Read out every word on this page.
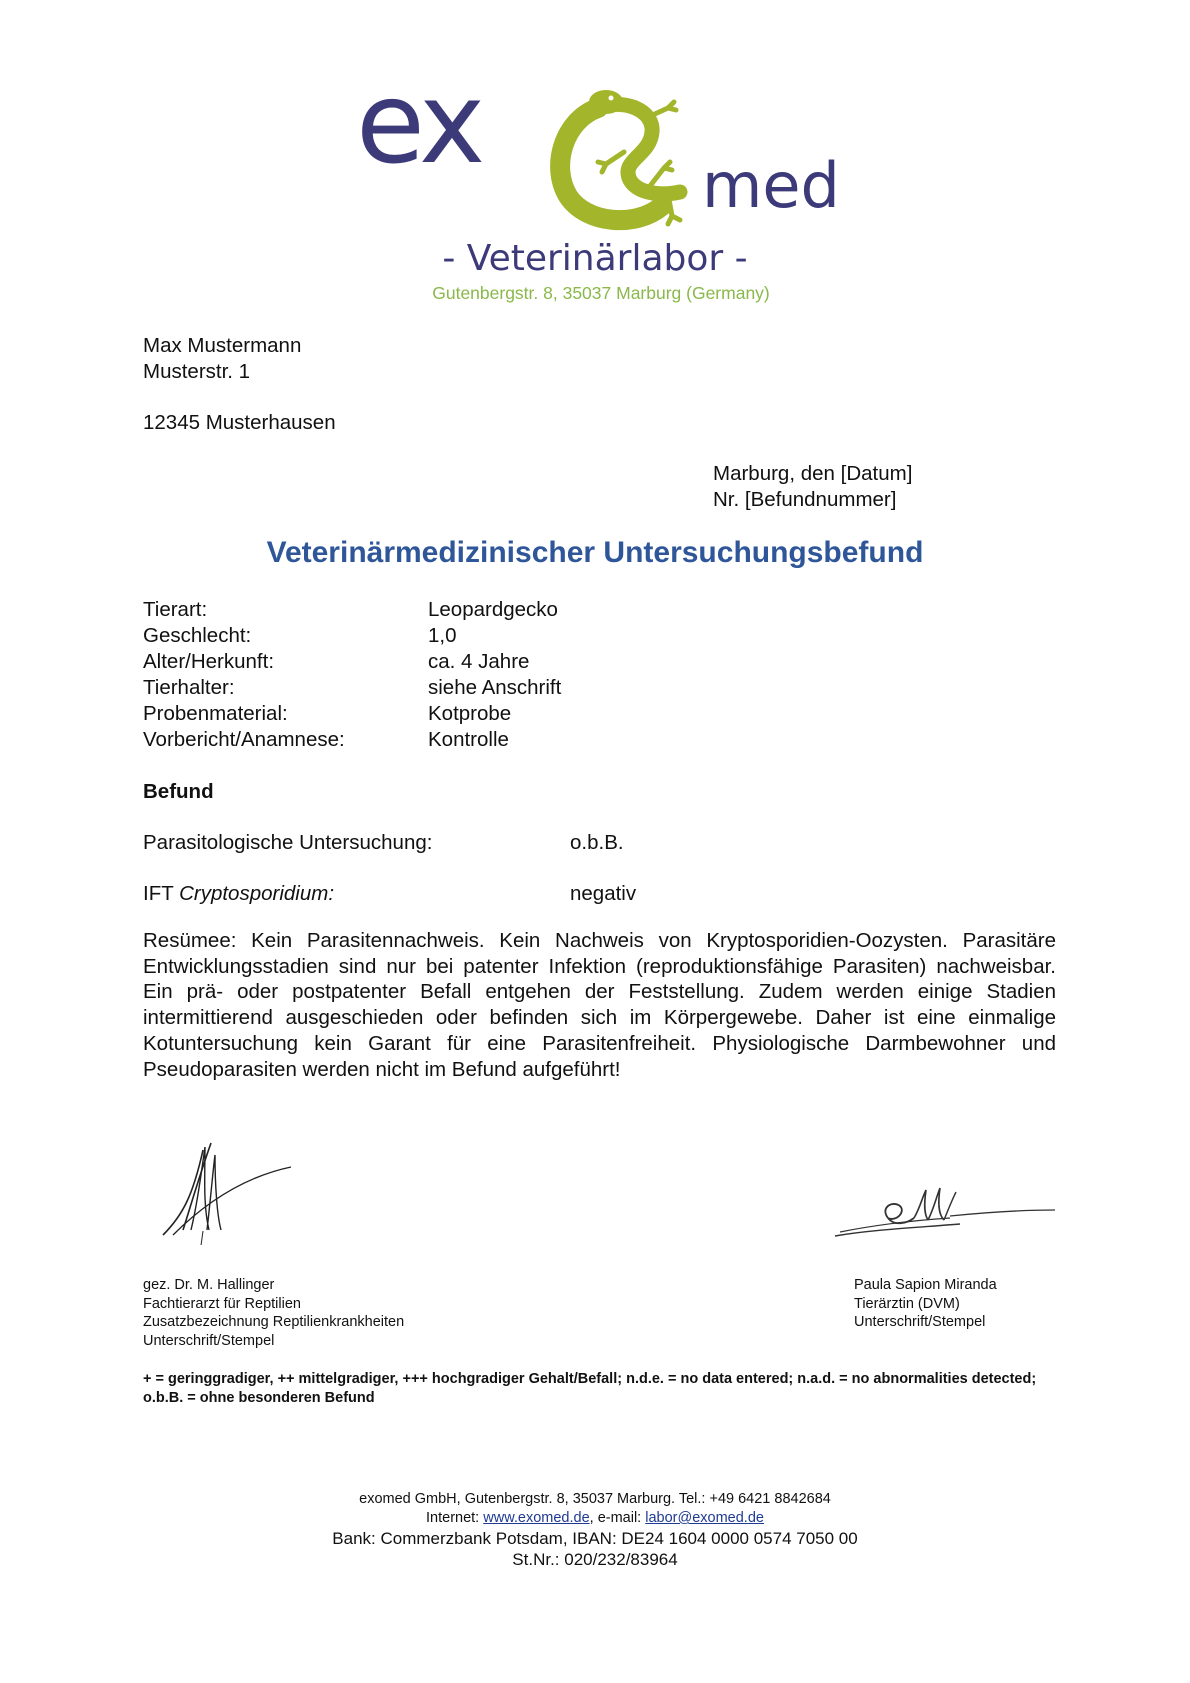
ex	med
- Veterinärlabor -
Gutenbergstr. 8, 35037 Marburg (Germany)
Max Mustermann
Musterstr. 1
12345 Musterhausen
Marburg, den [Datum]
Nr. [Befundnummer]
Veterinärmedizinischer Untersuchungsbefund
Tierart:	Leopardgecko
Geschlecht:	1,0
Alter/Herkunft:	ca. 4 Jahre
Tierhalter:	siehe Anschrift
Probenmaterial:	Kotprobe
Vorbericht/Anamnese:	Kontrolle
Befund
Parasitologische Untersuchung:	o.b.B.
IFT Cryptosporidium:	negativ
Resümee: Kein Parasitennachweis. Kein Nachweis von Kryptosporidien-Oozysten. Parasitäre Entwicklungsstadien sind nur bei patenter Infektion (reproduktionsfähige Parasiten) nachweisbar. Ein prä- oder postpatenter Befall entgehen der Feststellung. Zudem werden einige Stadien intermittierend ausgeschieden oder befinden sich im Körpergewebe. Daher ist eine einmalige Kotuntersuchung kein Garant für eine Parasitenfreiheit. Physiologische Darmbewohner und Pseudoparasiten werden nicht im Befund aufgeführt!
gez. Dr. M. Hallinger
Fachtierarzt für Reptilien
Zusatzbezeichnung Reptilienkrankheiten
Unterschrift/Stempel
Paula Sapion Miranda
Tierärztin (DVM)
Unterschrift/Stempel
+ = geringgradiger, ++ mittelgradiger, +++ hochgradiger Gehalt/Befall; n.d.e. = no data entered; n.a.d. = no abnormalities detected; o.b.B. = ohne besonderen Befund
exomed GmbH, Gutenbergstr. 8, 35037 Marburg. Tel.: +49 6421 8842684
Internet: www.exomed.de, e-mail: labor@exomed.de
Bank: Commerzbank Potsdam, IBAN: DE24 1604 0000 0574 7050 00
St.Nr.: 020/232/83964
